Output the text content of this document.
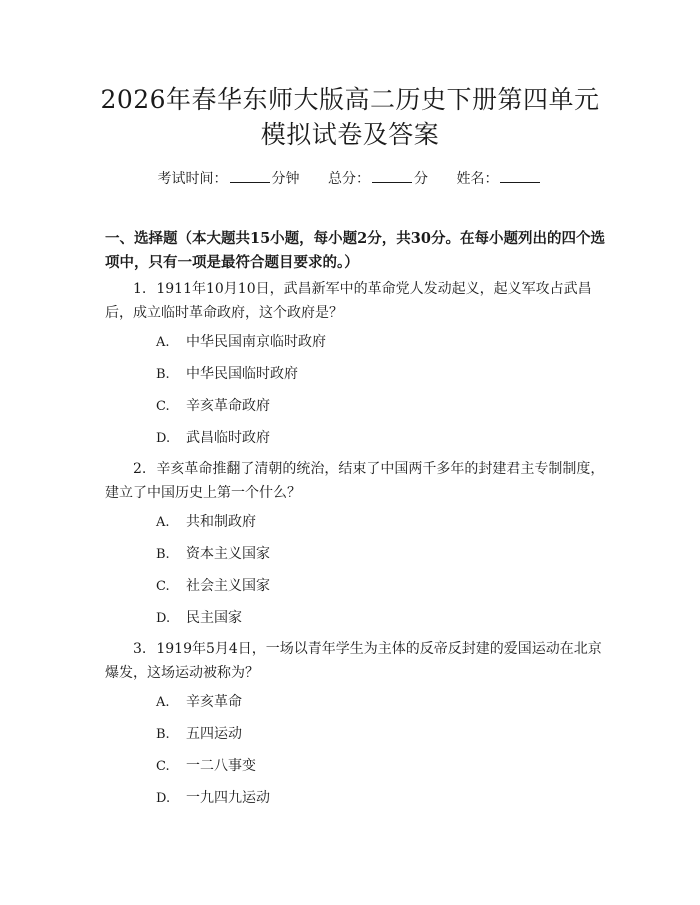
2026年春华东师大版高二历史下册第四单元
模拟试卷及答案
考试时间：	分钟 总分：	分 姓名：
一、选择题（本大题共15小题，每小题2分，共30分。在每小题列出的四个选项中，只有一项是最符合题目要求的。）
1. 1911年10月10日，武昌新军中的革命党人发动起义，起义军攻占武昌后，成立临时革命政府，这个政府是？
A. 中华民国南京临时政府
B. 中华民国临时政府
C. 辛亥革命政府
D. 武昌临时政府
2. 辛亥革命推翻了清朝的统治，结束了中国两千多年的封建君主专制制度，建立了中国历史上第一个什么？
A. 共和制政府
B. 资本主义国家
C. 社会主义国家
D. 民主国家
3. 1919年5月4日，一场以青年学生为主体的反帝反封建的爱国运动在北京爆发，这场运动被称为？
A. 辛亥革命
B. 五四运动
C. 一二八事变
D. 一九四九运动
